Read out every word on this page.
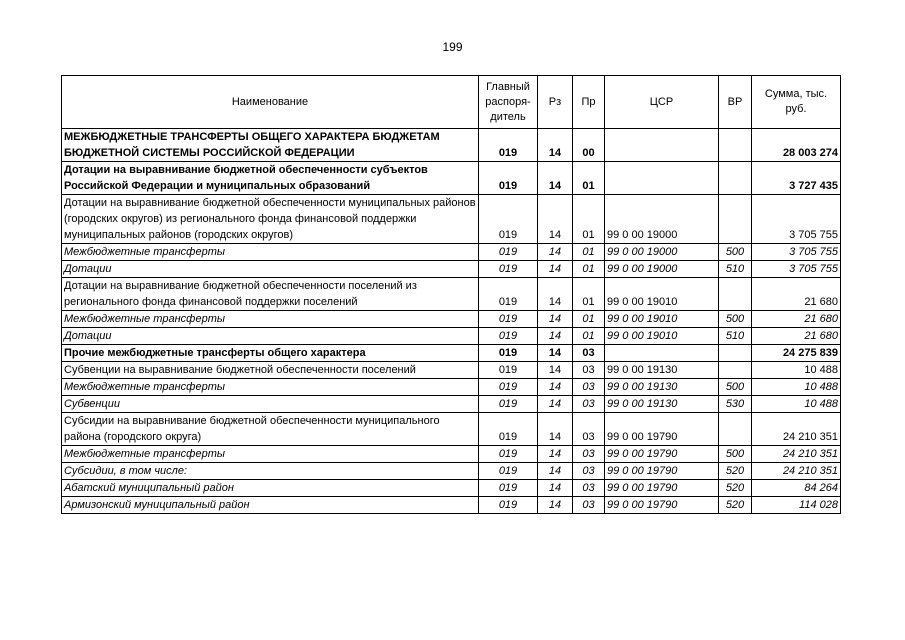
199
Наименование	Главный распоря-дитель	Рз	Пр	ЦСР	ВР	Сумма, тыс. руб.
МЕЖБЮДЖЕТНЫЕ ТРАНСФЕРТЫ ОБЩЕГО ХАРАКТЕРА БЮДЖЕТАМ БЮДЖЕТНОЙ СИСТЕМЫ РОССИЙСКОЙ ФЕДЕРАЦИИ	019	14	00			28 003 274
Дотации на выравнивание бюджетной обеспеченности субъектов Российской Федерации и муниципальных образований	019	14	01			3 727 435
Дотации на выравнивание бюджетной обеспеченности муниципальных районов (городских округов) из регионального фонда финансовой поддержки муниципальных районов (городских округов)	019	14	01	99 0 00 19000		3 705 755
Межбюджетные трансферты	019	14	01	99 0 00 19000	500	3 705 755
Дотации	019	14	01	99 0 00 19000	510	3 705 755
Дотации на выравнивание бюджетной обеспеченности поселений из регионального фонда финансовой поддержки поселений	019	14	01	99 0 00 19010		21 680
Межбюджетные трансферты	019	14	01	99 0 00 19010	500	21 680
Дотации	019	14	01	99 0 00 19010	510	21 680
Прочие межбюджетные трансферты общего характера	019	14	03			24 275 839
Субвенции на выравнивание бюджетной обеспеченности поселений	019	14	03	99 0 00 19130		10 488
Межбюджетные трансферты	019	14	03	99 0 00 19130	500	10 488
Субвенции	019	14	03	99 0 00 19130	530	10 488
Субсидии на выравнивание бюджетной обеспеченности муниципального района (городского округа)	019	14	03	99 0 00 19790		24 210 351
Межбюджетные трансферты	019	14	03	99 0 00 19790	500	24 210 351
Субсидии, в том числе:	019	14	03	99 0 00 19790	520	24 210 351
Абатский муниципальный район	019	14	03	99 0 00 19790	520	84 264
Армизонский муниципальный район	019	14	03	99 0 00 19790	520	114 028
